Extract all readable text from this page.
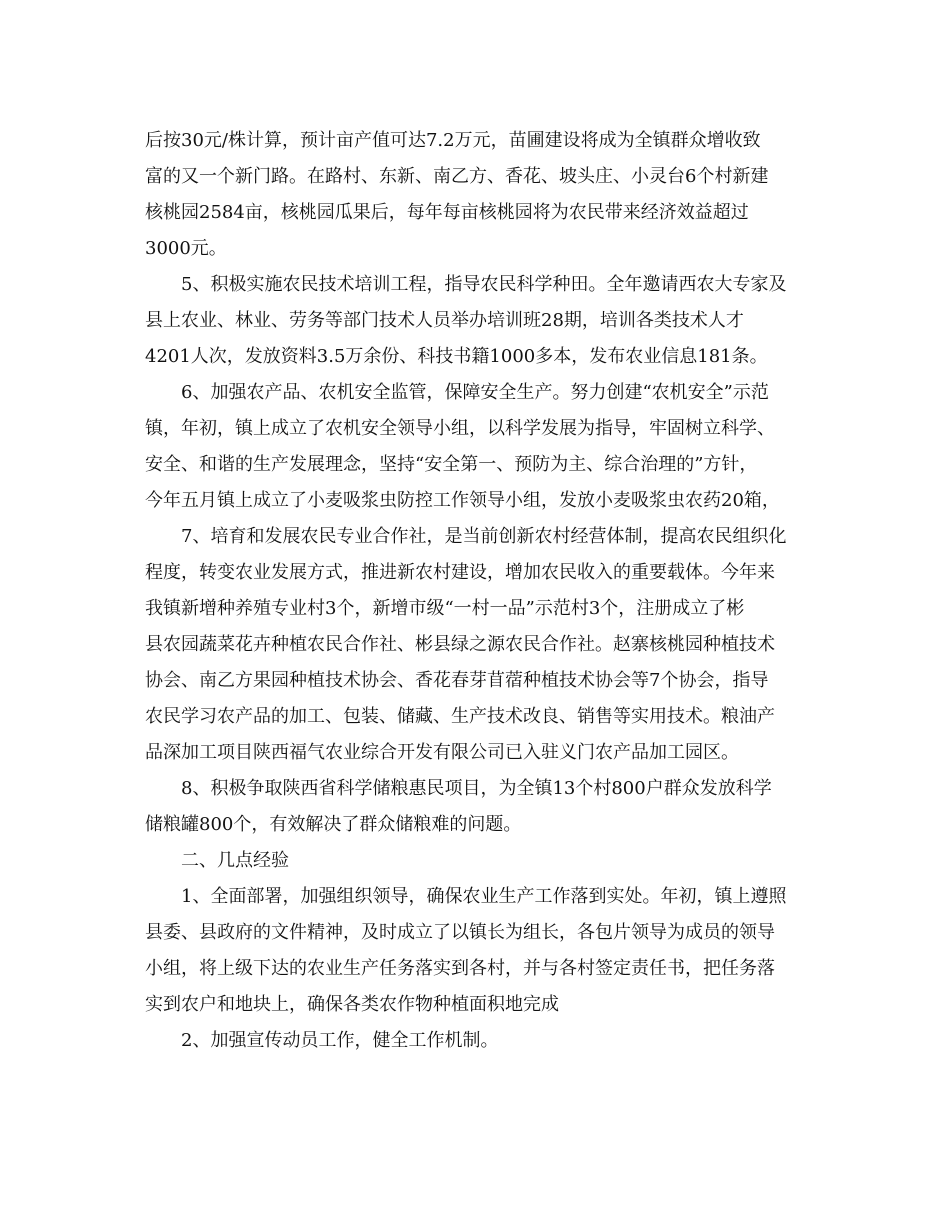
后按30元/株计算，预计亩产值可达7.2万元，苗圃建设将成为全镇群众增收致
富的又一个新门路。在路村、东新、南乙方、香花、坡头庄、小灵台6个村新建
核桃园2584亩，核桃园瓜果后，每年每亩核桃园将为农民带来经济效益超过
3000元。

5、积极实施农民技术培训工程，指导农民科学种田。全年邀请西农大专家及
县上农业、林业、劳务等部门技术人员举办培训班28期，培训各类技术人才
4201人次，发放资料3.5万余份、科技书籍1000多本，发布农业信息181条。

6、加强农产品、农机安全监管，保障安全生产。努力创建“农机安全”示范
镇，年初，镇上成立了农机安全领导小组，以科学发展为指导，牢固树立科学、
安全、和谐的生产发展理念，坚持“安全第一、预防为主、综合治理的”方针，
今年五月镇上成立了小麦吸浆虫防控工作领导小组，发放小麦吸浆虫农药20箱，

7、培育和发展农民专业合作社，是当前创新农村经营体制，提高农民组织化
程度，转变农业发展方式，推进新农村建设，增加农民收入的重要载体。今年来
我镇新增种养殖专业村3个，新增市级“一村一品”示范村3个，注册成立了彬
县农园蔬菜花卉种植农民合作社、彬县绿之源农民合作社。赵寨核桃园种植技术
协会、南乙方果园种植技术协会、香花春芽苜蓿种植技术协会等7个协会，指导
农民学习农产品的加工、包装、储藏、生产技术改良、销售等实用技术。粮油产
品深加工项目陕西福气农业综合开发有限公司已入驻义门农产品加工园区。

8、积极争取陕西省科学储粮惠民项目，为全镇13个村800户群众发放科学
储粮罐800个，有效解决了群众储粮难的问题。

二、几点经验

1、全面部署，加强组织领导，确保农业生产工作落到实处。年初，镇上遵照
县委、县政府的文件精神，及时成立了以镇长为组长，各包片领导为成员的领导
小组，将上级下达的农业生产任务落实到各村，并与各村签定责任书，把任务落
实到农户和地块上，确保各类农作物种植面积地完成

2、加强宣传动员工作，健全工作机制。
